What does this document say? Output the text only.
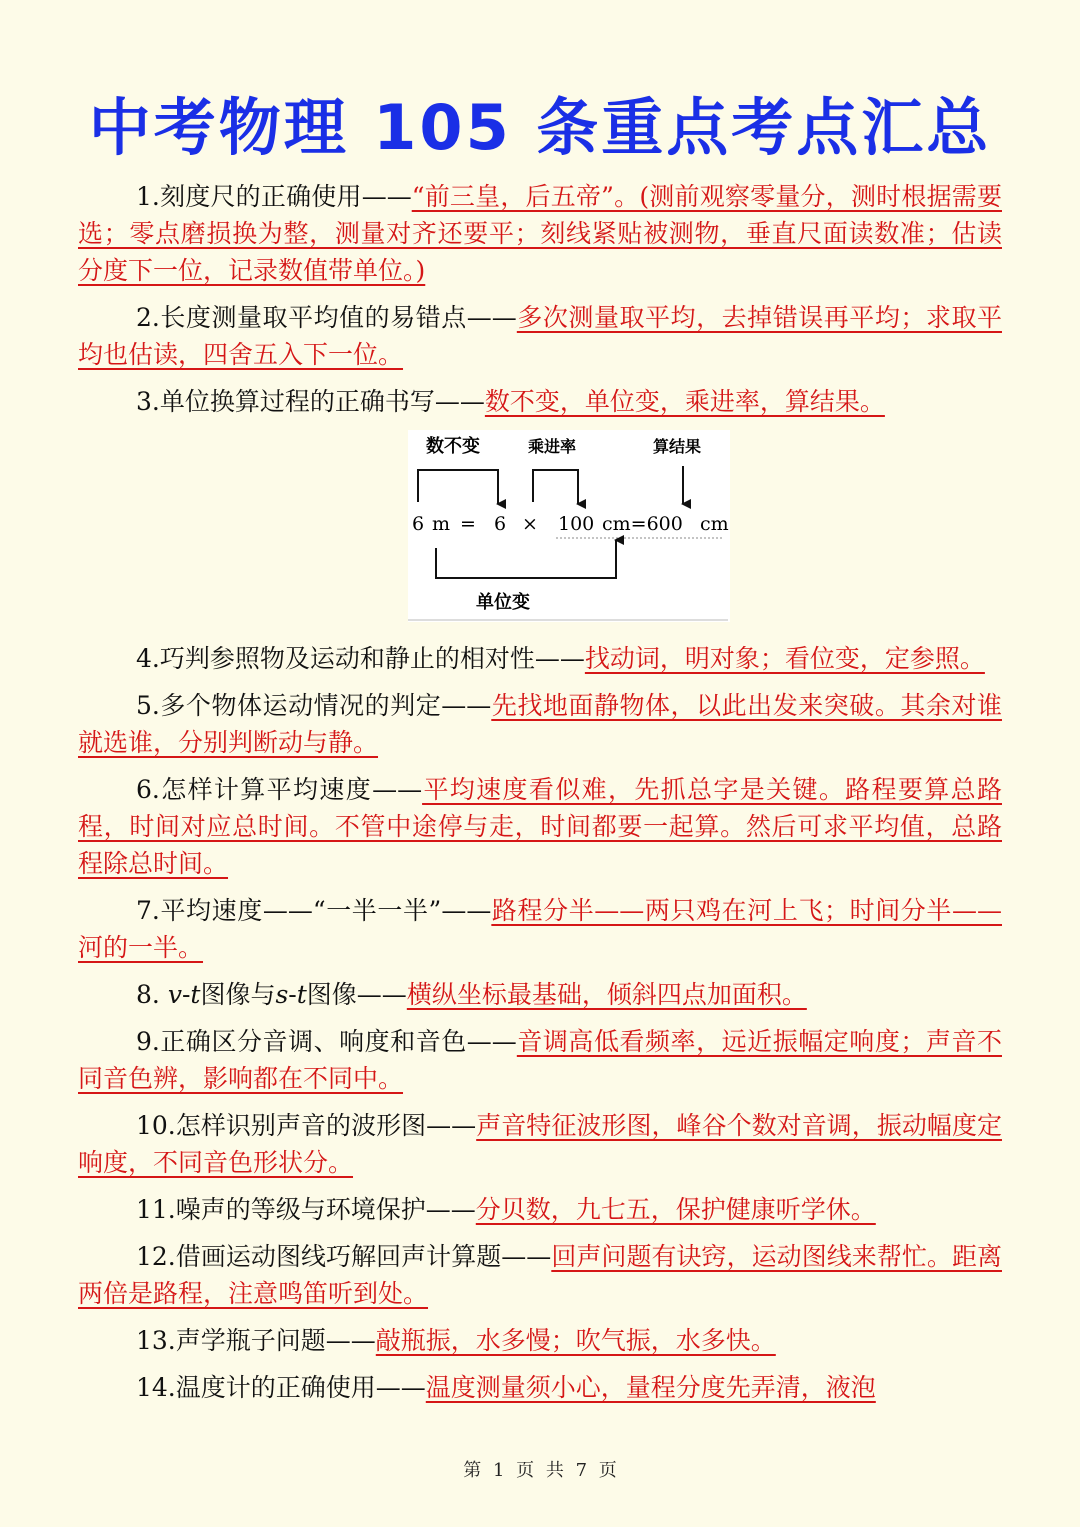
中考物理 105 条重点考点汇总
1.刻度尺的正确使用——“前三皇，后五帝”。(测前观察零量分，测时根据需要选；零点磨损换为整，测量对齐还要平；刻线紧贴被测物，垂直尺面读数准；估读分度下一位，记录数值带单位。)
2.长度测量取平均值的易错点——多次测量取平均，去掉错误再平均；求取平均也估读，四舍五入下一位。
3.单位换算过程的正确书写——数不变，单位变，乘进率，算结果。
数不变	乘进率	算结果
6 m = 6 × 100 cm=600 cm
单位变
4.巧判参照物及运动和静止的相对性——找动词，明对象；看位变，定参照。
5.多个物体运动情况的判定——先找地面静物体，以此出发来突破。其余对谁就选谁，分别判断动与静。
6.怎样计算平均速度——平均速度看似难，先抓总字是关键。路程要算总路程，时间对应总时间。不管中途停与走，时间都要一起算。然后可求平均值，总路程除总时间。
7.平均速度——“一半一半”——路程分半——两只鸡在河上飞；时间分半——河的一半。
8. v-t图像与s-t图像——横纵坐标最基础，倾斜四点加面积。
9.正确区分音调、响度和音色——音调高低看频率，远近振幅定响度；声音不同音色辨，影响都在不同中。
10.怎样识别声音的波形图——声音特征波形图，峰谷个数对音调，振动幅度定响度，不同音色形状分。
11.噪声的等级与环境保护——分贝数，九七五，保护健康听学休。
12.借画运动图线巧解回声计算题——回声问题有诀窍，运动图线来帮忙。距离两倍是路程，注意鸣笛听到处。
13.声学瓶子问题——敲瓶振，水多慢；吹气振，水多快。
14.温度计的正确使用——温度测量须小心，量程分度先弄清，液泡
第 1 页 共 7 页
